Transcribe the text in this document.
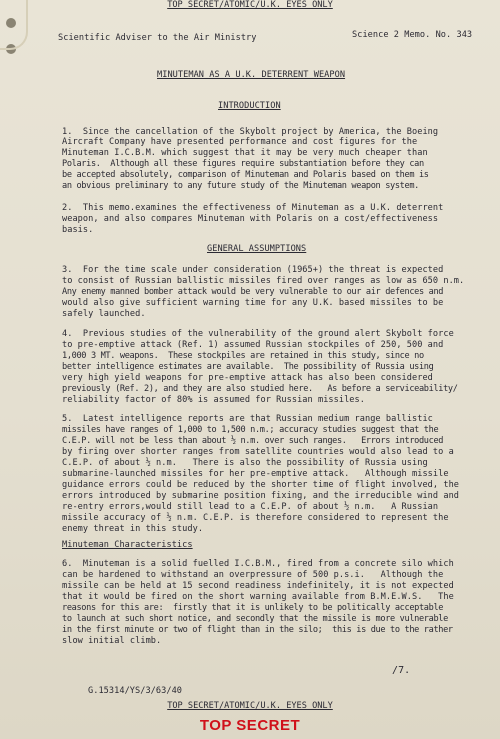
TOP SECRET/ATOMIC/U.K. EYES ONLY
Scientific Adviser to the Air Ministry	Science 2 Memo. No. 343
MINUTEMAN AS A U.K. DETERRENT WEAPON
INTRODUCTION
1.  Since the cancellation of the Skybolt project by America, the Boeing
Aircraft Company have presented performance and cost figures for the
Minuteman I.C.B.M. which suggest that it may be very much cheaper than
Polaris.  Although all these figures require substantiation before they can
be accepted absolutely, comparison of Minuteman and Polaris based on them is
an obvious preliminary to any future study of the Minuteman weapon system.
2.  This memo.examines the effectiveness of Minuteman as a U.K. deterrent
weapon, and also compares Minuteman with Polaris on a cost/effectiveness
basis.
GENERAL ASSUMPTIONS
3.  For the time scale under consideration (1965+) the threat is expected
to consist of Russian ballistic missiles fired over ranges as low as 650 n.m.
Any enemy manned bomber attack would be very vulnerable to our air defences and
would also give sufficient warning time for any U.K. based missiles to be
safely launched.
4.  Previous studies of the vulnerability of the ground alert Skybolt force
to pre-emptive attack (Ref. 1) assumed Russian stockpiles of 250, 500 and
1,000 3 MT. weapons.  These stockpiles are retained in this study, since no
better intelligence estimates are available.  The possibility of Russia using
very high yield weapons for pre-emptive attack has also been considered
previously (Ref. 2), and they are also studied here.   As before a serviceability/
reliability factor of 80% is assumed for Russian missiles.
5.  Latest intelligence reports are that Russian medium range ballistic
missiles have ranges of 1,000 to 1,500 n.m.; accuracy studies suggest that the
C.E.P. will not be less than about ½ n.m. over such ranges.   Errors introduced
by firing over shorter ranges from satellite countries would also lead to a
C.E.P. of about ½ n.m.   There is also the possibility of Russia using
submarine-launched missiles for her pre-emptive attack.   Although missile
guidance errors could be reduced by the shorter time of flight involved, the
errors introduced by submarine position fixing, and the irreducible wind and
re-entry errors,would still lead to a C.E.P. of about ½ n.m.   A Russian
missile accuracy of ½ n.m. C.E.P. is therefore considered to represent the
enemy threat in this study.
Minuteman Characteristics
6.  Minuteman is a solid fuelled I.C.B.M., fired from a concrete silo which
can be hardened to withstand an overpressure of 500 p.s.i.   Although the
missile can be held at 15 second readiness indefinitely, it is not expected
that it would be fired on the short warning available from B.M.E.W.S.   The
reasons for this are:  firstly that it is unlikely to be politically acceptable
to launch at such short notice, and secondly that the missile is more vulnerable
in the first minute or two of flight than in the silo;  this is due to the rather
slow initial climb.
/7.
G.15314/YS/3/63/40
TOP SECRET/ATOMIC/U.K. EYES ONLY
TOP SECRET
